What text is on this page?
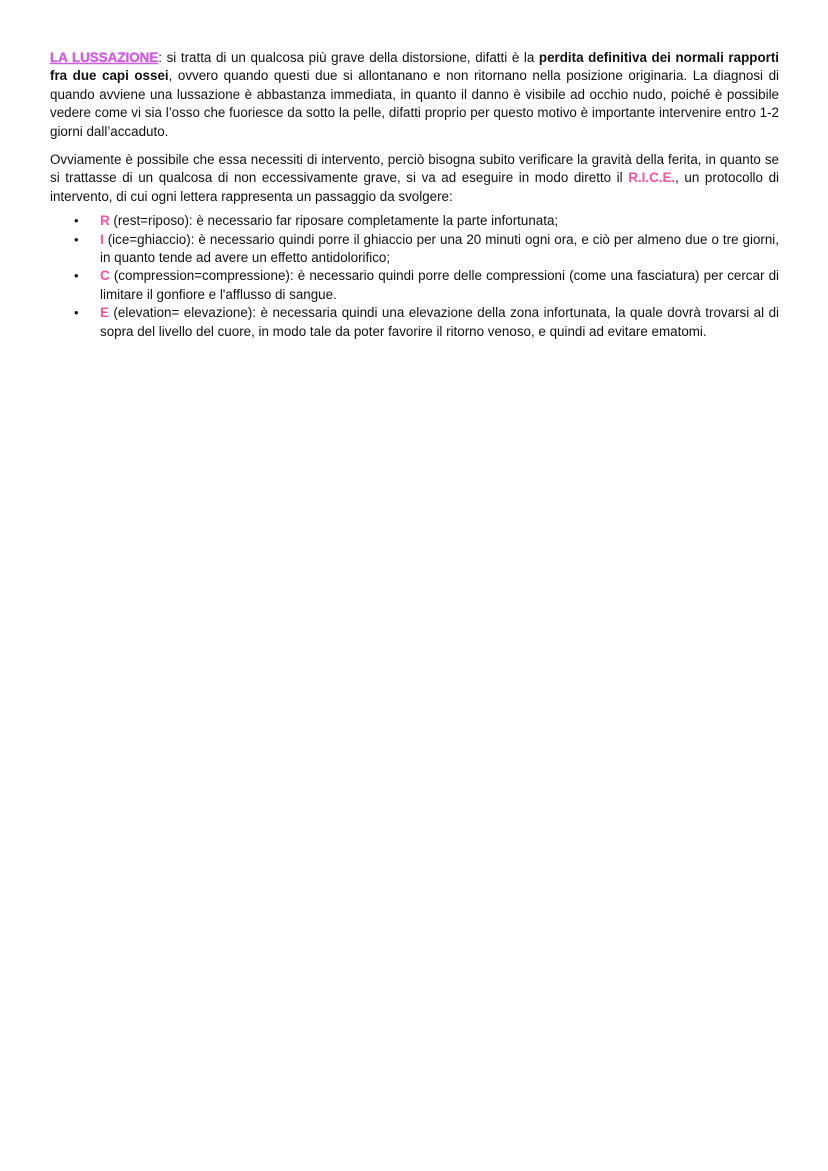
LA LUSSAZIONE: si tratta di un qualcosa più grave della distorsione, difatti è la perdita definitiva dei normali rapporti fra due capi ossei, ovvero quando questi due si allontanano e non ritornano nella posizione originaria. La diagnosi di quando avviene una lussazione è abbastanza immediata, in quanto il danno è visibile ad occhio nudo, poiché è possibile vedere come vi sia l’osso che fuoriesce da sotto la pelle, difatti proprio per questo motivo è importante intervenire entro 1-2 giorni dall’accaduto.

Ovviamente è possibile che essa necessiti di intervento, perciò bisogna subito verificare la gravità della ferita, in quanto se si trattasse di un qualcosa di non eccessivamente grave, si va ad eseguire in modo diretto il R.I.C.E., un protocollo di intervento, di cui ogni lettera rappresenta un passaggio da svolgere:

• R (rest=riposo): è necessario far riposare completamente la parte infortunata;
• I (ice=ghiaccio): è necessario quindi porre il ghiaccio per una 20 minuti ogni ora, e ciò per almeno due o tre giorni, in quanto tende ad avere un effetto antidolorifico;
• C (compression=compressione): è necessario quindi porre delle compressioni (come una fasciatura) per cercar di limitare il gonfiore e l'afflusso di sangue.
• E (elevation= elevazione): è necessaria quindi una elevazione della zona infortunata, la quale dovrà trovarsi al di sopra del livello del cuore, in modo tale da poter favorire il ritorno venoso, e quindi ad evitare ematomi.
